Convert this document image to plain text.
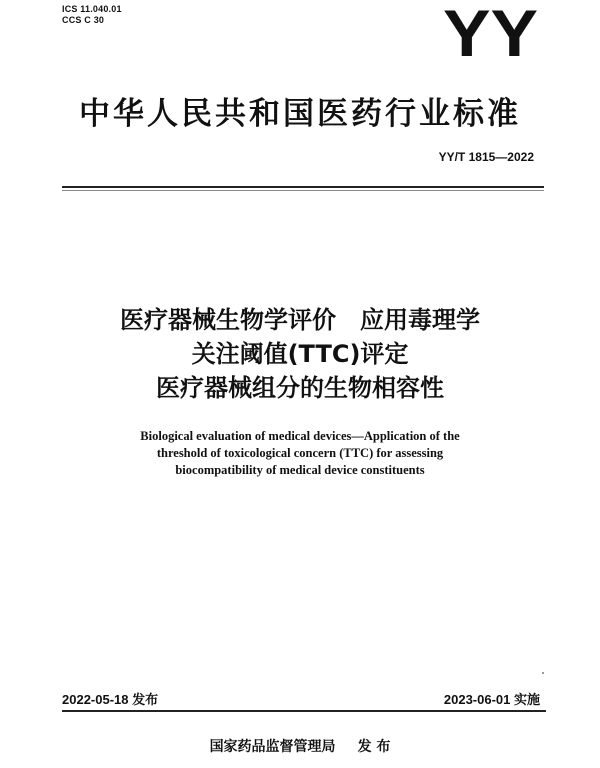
ICS 11.040.01
CCS C 30	YY
中华人民共和国医药行业标准
YY/T 1815—2022
医疗器械生物学评价　应用毒理学
关注阈值(TTC)评定
医疗器械组分的生物相容性
Biological evaluation of medical devices—Application of the
threshold of toxicological concern (TTC) for assessing
biocompatibility of medical device constituents
2022-05-18 发布	2023-06-01 实施
国家药品监督管理局 发 布
